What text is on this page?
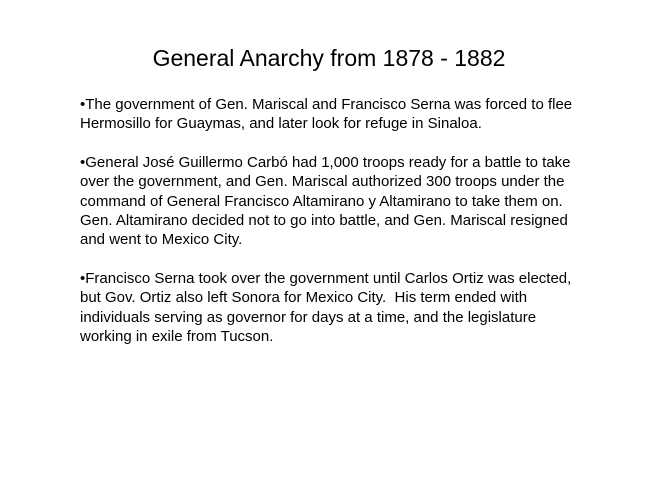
General Anarchy from 1878 - 1882

•The government of Gen. Mariscal and Francisco Serna was forced to flee
Hermosillo for Guaymas, and later look for refuge in Sinaloa.

•General José Guillermo Carbó had 1,000 troops ready for a battle to take
over the government, and Gen. Mariscal authorized 300 troops under the
command of General Francisco Altamirano y Altamirano to take them on.
Gen. Altamirano decided not to go into battle, and Gen. Mariscal resigned
and went to Mexico City.

•Francisco Serna took over the government until Carlos Ortiz was elected,
but Gov. Ortiz also left Sonora for Mexico City.  His term ended with
individuals serving as governor for days at a time, and the legislature
working in exile from Tucson.
